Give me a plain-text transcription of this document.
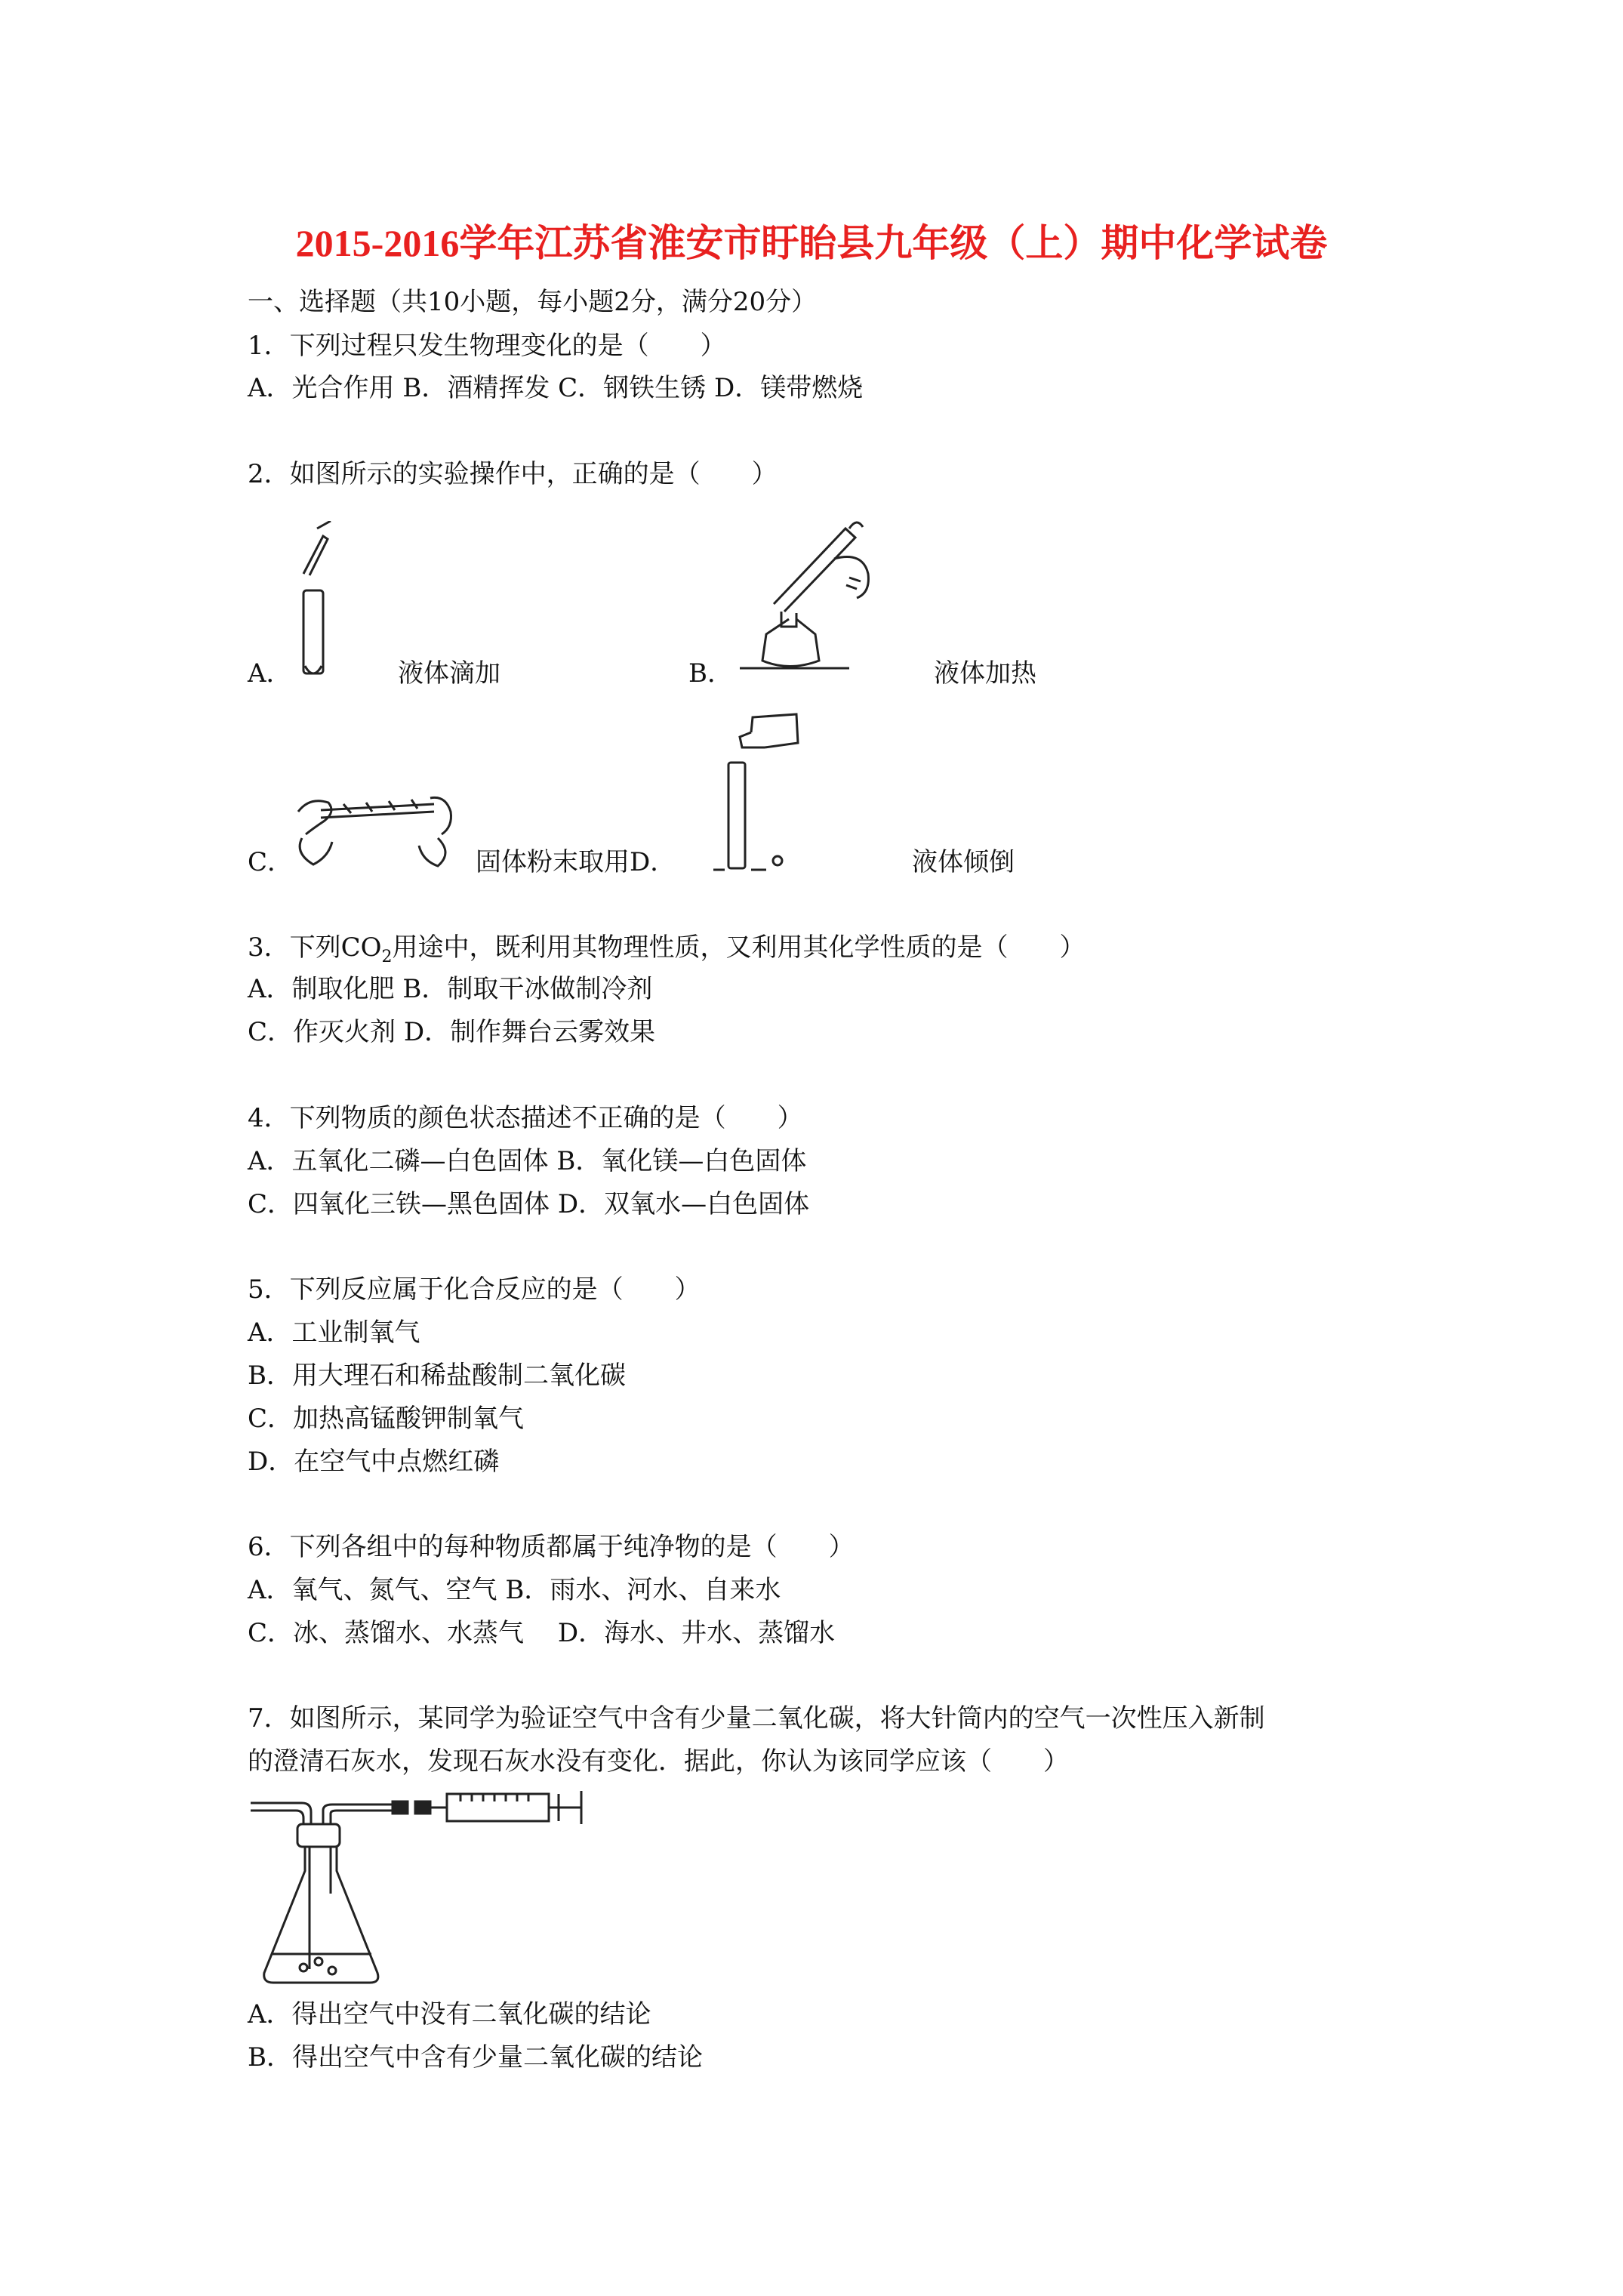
2015-2016学年江苏省淮安市盱眙县九年级（上）期中化学试卷
一、选择题（共10小题，每小题2分，满分20分）
1．下列过程只发生物理变化的是（　　）
A．光合作用 B．酒精挥发 C．钢铁生锈 D．镁带燃烧
2．如图所示的实验操作中，正确的是（　　）
A．	液体滴加	B．	液体加热
C．	固体粉末取用D．	液体倾倒
3．下列$CO_2$用途中，既利用其物理性质，又利用其化学性质的是（　　）
A．制取化肥 B．制取干冰做制冷剂
C．作灭火剂 D．制作舞台云雾效果
4．下列物质的颜色状态描述不正确的是（　　）
A．五氧化二磷—白色固体 B．氧化镁—白色固体
C．四氧化三铁—黑色固体 D．双氧水—白色固体
5．下列反应属于化合反应的是（　　）
A．工业制氧气
B．用大理石和稀盐酸制二氧化碳
C．加热高锰酸钾制氧气
D．在空气中点燃红磷
6．下列各组中的每种物质都属于纯净物的是（　　）
A．氧气、氮气、空气 B．雨水、河水、自来水
C．冰、蒸馏水、水蒸气　 D．海水、井水、蒸馏水
7．如图所示，某同学为验证空气中含有少量二氧化碳，将大针筒内的空气一次性压入新制
的澄清石灰水，发现石灰水没有变化．据此，你认为该同学应该（　　）
A．得出空气中没有二氧化碳的结论
B．得出空气中含有少量二氧化碳的结论
